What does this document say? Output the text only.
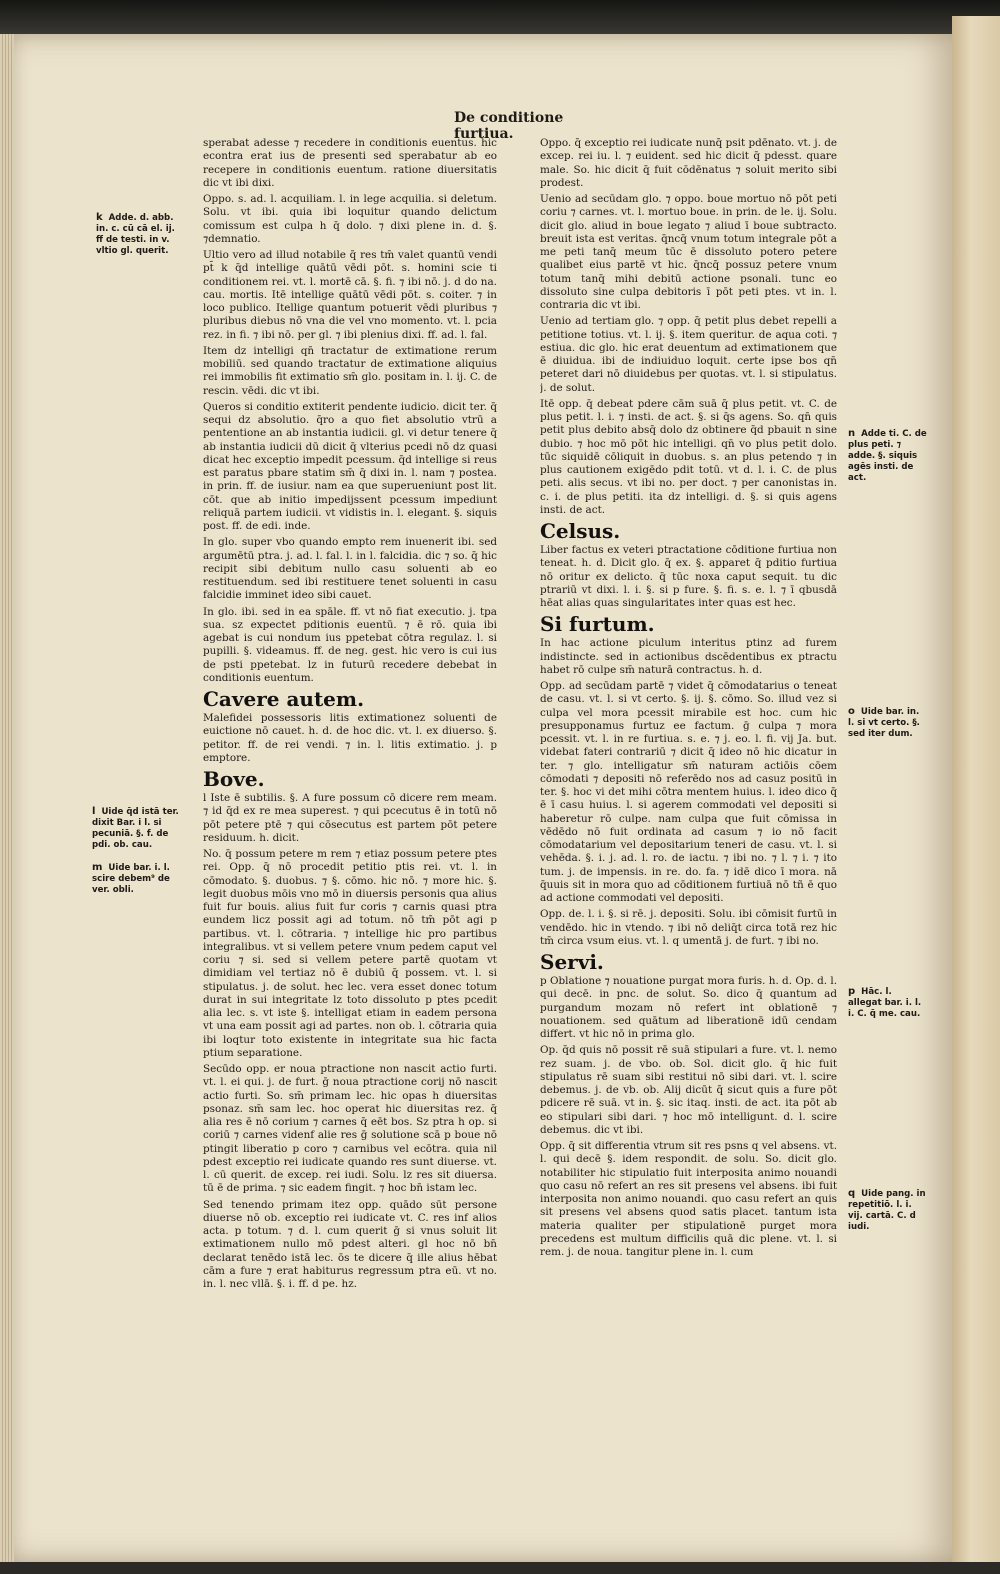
De conditione furtiua.

sperabat adesse ⁊ recedere in conditionis euentus. hic econtra erat ius de presenti sed sperabatur ab eo recepere in conditionis euentum. ratione diuersitatis dic vt ibi dixi.

Oppo. s. ad. l. acquiliam. l. in lege acquilia. si deletum. Solu. vt ibi. quia ibi loquitur quando delictum comissum est culpa h q̄ dolo. ⁊ dixi plene in. d. §. ⁊demnatio.

Ultio vero ad illud notabile q̄ res tm̄ valet quantū vendi pt̄ k q̄d intellige quātū vēdi pōt. s. homini scie ti conditionem rei. vt. l. mortē cā. §. fi. ⁊ ibi nō. j. d do na. cau. mortis. Itē intellige quātū vēdi pōt. s. coiter. ⁊ in loco publico. Itellige quantum potuerit vēdi pluribus ⁊ pluribus diebus nō vna die vel vno momento. vt. l. pcia rez. in fi. ⁊ ibi nō. per gl. ⁊ ibi plenius dixi. ff. ad. l. fal.

Item dz intelligi qn̄ tractatur de extimatione rerum mobiliū. sed quando tractatur de extimatione aliquius rei immobilis fit extimatio sm̄ glo. positam in. l. ij. C. de rescin. vēdi. dic vt ibi.

Queros si conditio extiterit pendente iudicio. dicit ter. q̄ sequi dz absolutio. q̄ro a quo fiet absolutio vtrū a pententione an ab instantia iudicii. gl. vi detur tenere q̄ ab instantia iudicii dū dicit q̄ vlterius pcedi nō dz quasi dicat hec exceptio impedit pcessum. q̄d intellige si reus est paratus pbare statim sm̄ q̄ dixi in. l. nam ⁊ postea. in prin. ff. de iusiur. nam ea que superueniunt post lit. cōt. que ab initio impedijssent pcessum impediunt reliquā partem iudicii. vt vidistis in. l. elegant. §. siquis post. ff. de edi. inde.

In glo. super vbo quando empto rem inuenerit ibi. sed argumētū ptra. j. ad. l. fal. l. in l. falcidia. dic ⁊ so. q̄ hic recipit sibi debitum nullo casu soluenti ab eo restituendum. sed ibi restituere tenet soluenti in casu falcidie imminet ideo sibi cauet.

In glo. ibi. sed in ea spāle. ff. vt nō fiat executio. j. tpa sua. sz expectet pditionis euentū. ⁊ ē rō. quia ibi agebat is cui nondum ius ppetebat cōtra regulaz. l. si pupilli. §. videamus. ff. de neg. gest. hic vero is cui ius de psti ppetebat. lz in futurū recedere debebat in conditionis euentum.

Cavere autem.

Malefidei possessoris litis extimationez soluenti de euictione nō cauet. h. d. de hoc dic. vt. l. ex diuerso. §. petitor. ff. de rei vendi. ⁊ in. l. litis extimatio. j. p emptore.

Bove.

l Iste ē subtilis. §. A fure possum cō dicere rem meam. ⁊ id q̄d ex re mea superest. ⁊ qui pcecutus ē in totū nō pōt petere ptē ⁊ qui cōsecutus est partem pōt petere residuum. h. dicit.

No. q̄ possum petere m rem ⁊ etiaz possum petere ptes rei. Opp. q̄ nō procedit petitio ptis rei. vt. l. in cōmodato. §. duobus. ⁊ §. cōmo. hic nō. ⁊ more hic. §. legit duobus mōis vno mō in diuersis personis qua alius fuit fur bouis. alius fuit fur coris ⁊ carnis quasi ptra eundem licz possit agi ad totum. nō tm̄ pōt agi p partibus. vt. l. cōtraria. ⁊ intellige hic pro partibus integralibus. vt si vellem petere vnum pedem caput vel coriu ⁊ si. sed si vellem petere partē quotam vt dimidiam vel tertiaz nō ē dubiū q̄ possem. vt. l. si stipulatus. j. de solut. hec lec. vera esset donec totum durat in sui integritate lz toto dissoluto p ptes pcedit alia lec. s. vt iste §. intelligat etiam in eadem persona vt una eam possit agi ad partes. non ob. l. cōtraria quia ibi loqtur toto existente in integritate sua hic facta ptium separatione.

Secūdo opp. er noua ptractione non nascit actio furti. vt. l. ei qui. j. de furt. ḡ noua ptractione corij nō nascit actio furti. So. sm̄ primam lec. hic opas h diuersitas psonaz. sm̄ sam lec. hoc operat hic diuersitas rez. q̄ alia res ē nō corium ⁊ carnes q̄ eēt bos. Sz ptra h op. si coriū ⁊ carnes videnf alie res ḡ solutione scā p boue nō ptingit liberatio p coro ⁊ carnibus vel ecōtra. quia nil pdest exceptio rei iudicate quando res sunt diuerse. vt. l. cū querit. de excep. rei iudi. Solu. lz res sit diuersa. tū ē de prima. ⁊ sic eadem fingit. ⁊ hoc bn̄ istam lec.

Sed tenendo primam itez opp. quādo sūt persone diuerse nō ob. exceptio rei iudicate vt. C. res inf alios acta. p totum. ⁊ d. l. cum querit ḡ si vnus soluit lit extimationem nullo mō pdest alteri. gl hoc nō bn̄ declarat tenēdo istā lec. ōs te dicere q̄ ille alius hēbat cām a fure ⁊ erat habiturus regressum ptra eū. vt no. in. l. nec vllā. §. i. ff. d pe. hz.

Oppo. q̄ exceptio rei iudicate nunq̄ psit pdēnato. vt. j. de excep. rei iu. l. ⁊ euident. sed hic dicit q̄ pdesst. quare male. So. hic dicit q̄ fuit cōdēnatus ⁊ soluit merito sibi prodest.

Uenio ad secūdam glo. ⁊ oppo. boue mortuo nō pōt peti coriu ⁊ carnes. vt. l. mortuo boue. in prin. de le. ij. Solu. dicit glo. aliud in boue legato ⁊ aliud ī boue subtracto. breuit ista est veritas. q̄ncq̄ vnum totum integrale pōt a me peti tanq̄ meum tūc ē dissoluto potero petere qualibet eius partē vt hic. q̄ncq̄ possuz petere vnum totum tanq̄ mihi debitū actione psonali. tunc eo dissoluto sine culpa debitoris ī pōt peti ptes. vt in. l. contraria dic vt ibi.

Uenio ad tertiam glo. ⁊ opp. q̄ petit plus debet repelli a petitione totius. vt. l. ij. §. item queritur. de aqua coti. ⁊ estiua. dic glo. hic erat deuentum ad extimationem que ē diuidua. ibi de indiuiduo loquit. certe ipse bos qn̄ peteret dari nō diuidebus per quotas. vt. l. si stipulatus. j. de solut.

Itē opp. q̄ debeat pdere cām suā q̄ plus petit. vt. C. de plus petit. l. i. ⁊ insti. de act. §. si q̄s agens. So. qn̄ quis petit plus debito absq̄ dolo dz obtinere q̄d pbauit n sine dubio. ⁊ hoc mō pōt hic intelligi. qn̄ vo plus petit dolo. tūc siquidē cōliquit in duobus. s. an plus petendo ⁊ in plus cautionem exigēdo pdit totū. vt d. l. i. C. de plus peti. alis secus. vt ibi no. per doct. ⁊ per canonistas in. c. i. de plus petiti. ita dz intelligi. d. §. si quis agens insti. de act.

Celsus.

Liber factus ex veteri ptractatione cōditione furtiua non teneat. h. d. Dicit glo. q̄ ex. §. apparet q̄ pditio furtiua nō oritur ex delicto. q̄ tūc noxa caput sequit. tu dic ptrariū vt dixi. l. i. §. si p fure. §. fi. s. e. l. ⁊ ī qbusdā hēat alias quas singularitates inter quas est hec.

Si furtum.

In hac actione piculum interitus ptinz ad furem indistincte. sed in actionibus dscēdentibus ex ptractu habet rō culpe sm̄ naturā contractus. h. d.

Opp. ad secūdam partē ⁊ videt q̄ cōmodatarius o teneat de casu. vt. l. si vt certo. §. ij. §. cōmo. So. illud vez si culpa vel mora pcessit mirabile est hoc. cum hic presupponamus furtuz ee factum. ḡ culpa ⁊ mora pcessit. vt. l. in re furtiua. s. e. ⁊ j. eo. l. fi. vij Ja. but. videbat fateri contrariū ⁊ dicit q̄ ideo nō hic dicatur in ter. ⁊ glo. intelligatur sm̄ naturam actiōis cōem cōmodati ⁊ depositi nō referēdo nos ad casuz positū in ter. §. hoc vi det mihi cōtra mentem huius. l. ideo dico q̄ ē ī casu huius. l. si agerem commodati vel depositi si haberetur rō culpe. nam culpa que fuit cōmissa in vēdēdo nō fuit ordinata ad casum ⁊ io nō facit cōmodatarium vel depositarium teneri de casu. vt. l. si vehēda. §. i. j. ad. l. ro. de iactu. ⁊ ibi no. ⁊ l. ⁊ i. ⁊ ito tum. j. de impensis. in re. do. fa. ⁊ idē dico ī mora. nā q̄uuis sit in mora quo ad cōditionem furtiuā nō tñ ē quo ad actione commodati vel depositi.

Opp. de. l. i. §. si rē. j. depositi. Solu. ibi cōmisit furtū in vendēdo. hic in vtendo. ⁊ ibi nō deliq̄t circa totā rez hic tm̄ circa vsum eius. vt. l. q umentā j. de furt. ⁊ ibi no.

Servi.

p Oblatione ⁊ nouatione purgat mora furis. h. d. Op. d. l. qui decē. in pnc. de solut. So. dico q̄ quantum ad purgandum mozam nō refert int oblationē ⁊ nouationem. sed quātum ad liberationē idū cendam differt. vt hic nō in prima glo.

Op. q̄d quis nō possit rē suā stipulari a fure. vt. l. nemo rez suam. j. de vbo. ob. Sol. dicit glo. q̄ hic fuit stipulatus rē suam sibi restitui nō sibi dari. vt. l. scire debemus. j. de vb. ob. Alij dicūt q̄ sicut quis a fure pōt pdicere rē suā. vt in. §. sic itaq. insti. de act. ita pōt ab eo stipulari sibi dari. ⁊ hoc mō intelligunt. d. l. scire debemus. dic vt ibi.

Opp. q̄ sit differentia vtrum sit res psns q vel absens. vt. l. qui decē §. idem respondit. de solu. So. dicit glo. notabiliter hic stipulatio fuit interposita animo nouandi quo casu nō refert an res sit presens vel absens. ibi fuit interposita non animo nouandi. quo casu refert an quis sit presens vel absens quod satis placet. tantum ista materia qualiter per stipulationē purget mora precedens est multum difficilis quā dic plene. vt. l. si rem. j. de noua. tangitur plene in. l. cum

k Adde. d. abb. in. c. cū cā el. ij. ff de testi. in v. vltio gl. querit.
l Uide q̄d istā ter. dixit Bar. i l. si pecuniā. §. f. de pdi. ob. cau.
m Uide bar. i. l. scire debem⁹ de ver. obli.
n Adde ti. C. de plus peti. ⁊ adde. §. siquis agēs insti. de act.
o Uide bar. in. l. si vt certo. §. sed iter dum.
p Hāc. l. allegat bar. i. l. i. C. q̄ me. cau.
q Uide pang. in repetitiō. l. i. vij. cartā. C. d iudi.
